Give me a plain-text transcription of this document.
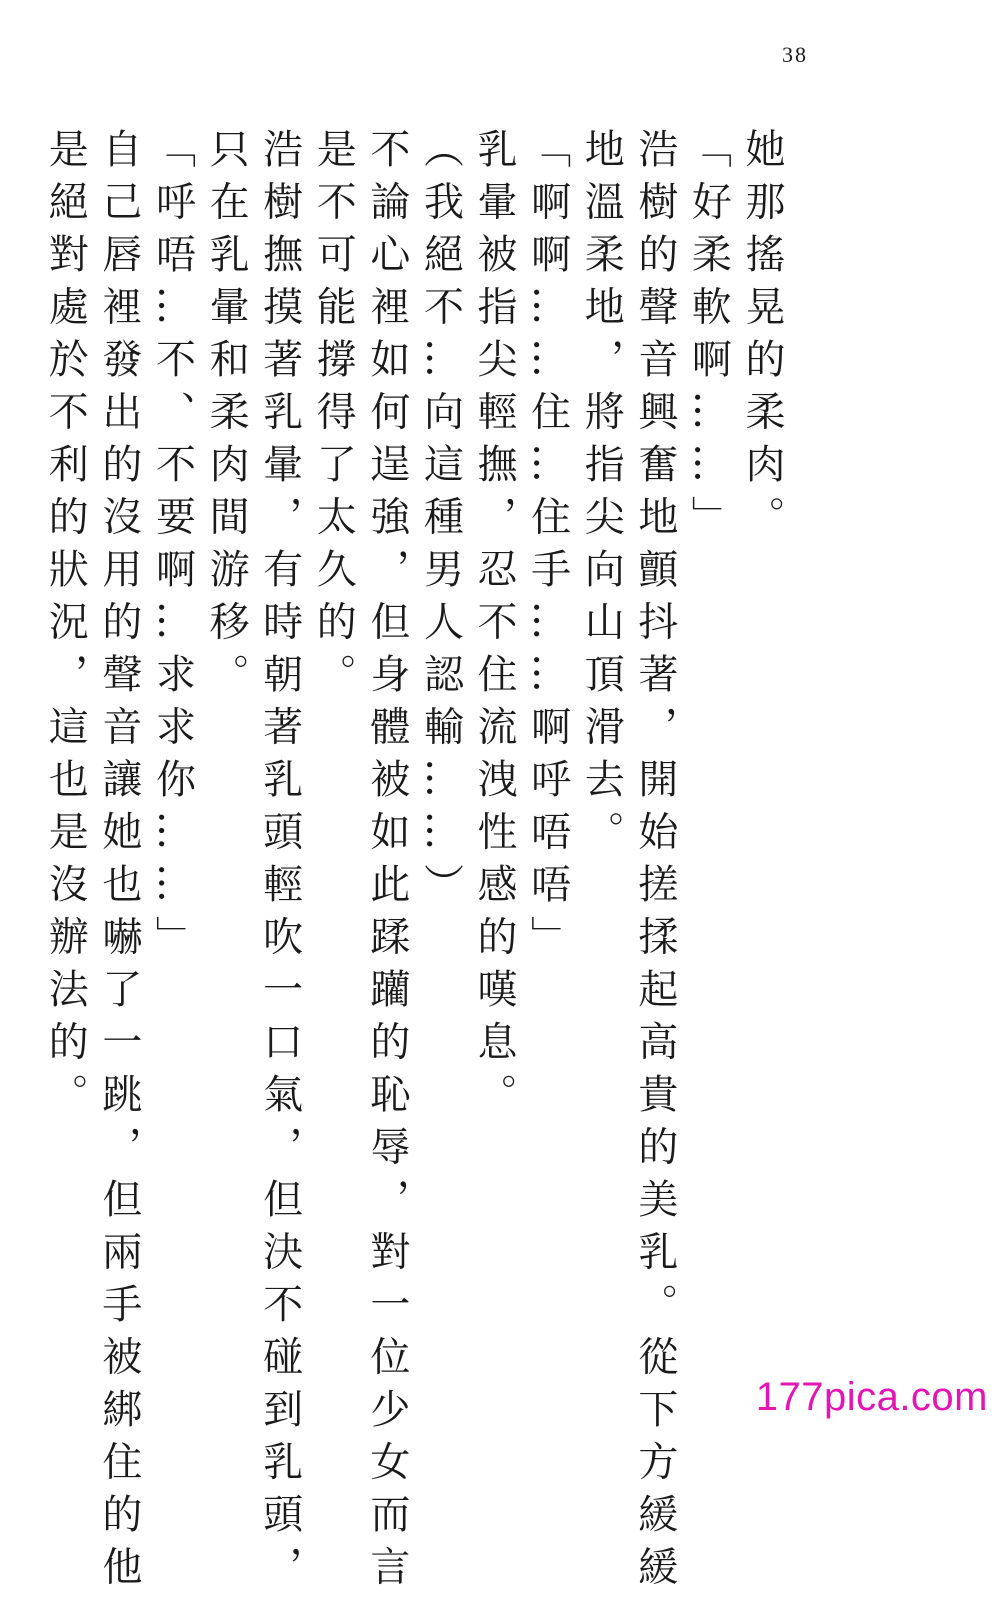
38
她那搖晃的柔肉。
「好柔軟啊……」
浩樹的聲音興奮地顫抖著，開始搓揉起高貴的美乳。從下方緩緩
地溫柔地，將指尖向山頂滑去。
「啊啊……住…住手……啊呼唔唔」
乳暈被指尖輕撫，忍不住流洩性感的嘆息。
（我絕不…向這種男人認輸……）
不論心裡如何逞強，但身體被如此蹂躪的恥辱，對一位少女而言
是不可能撐得了太久的。
浩樹撫摸著乳暈，有時朝著乳頭輕吹一口氣，但決不碰到乳頭，
只在乳暈和柔肉間游移。
「呼唔…不、不要啊…求求你……」
自己唇裡發出的沒用的聲音讓她也嚇了一跳，但兩手被綁住的他
是絕對處於不利的狀況，這也是沒辦法的。
177pica.com
